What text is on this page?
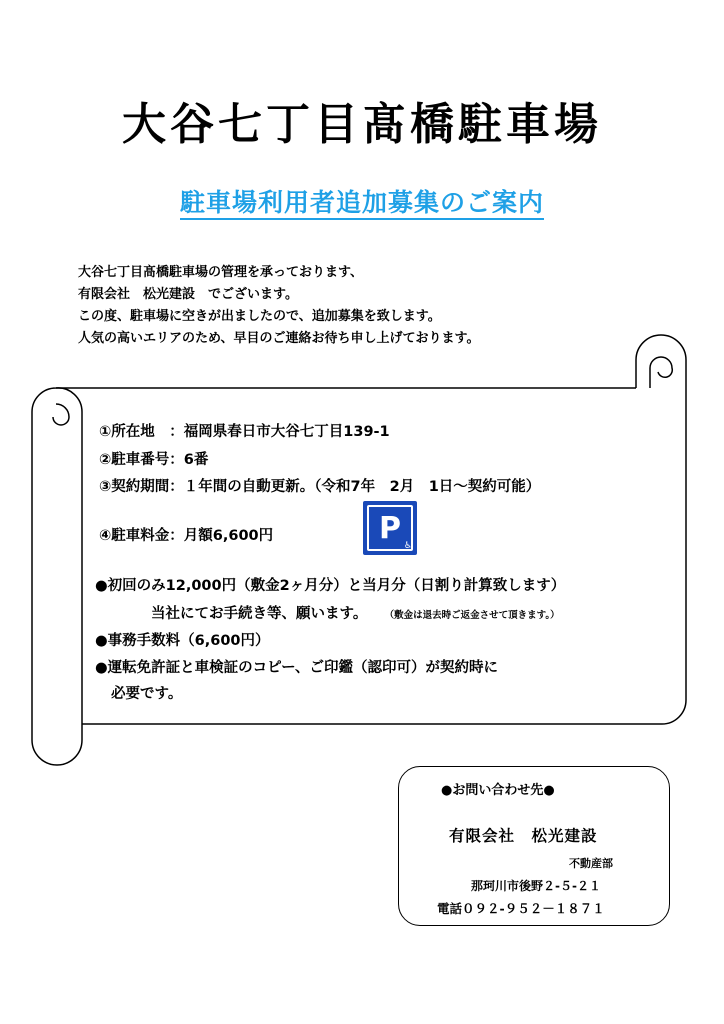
大谷七丁目髙橋駐車場
駐車場利用者追加募集のご案内
大谷七丁目髙橋駐車場の管理を承っております、
有限会社　松光建設　でございます。
この度、駐車場に空きが出ましたので、追加募集を致します。
人気の高いエリアのため、早目のご連絡お待ち申し上げております。
①所在地　：福岡県春日市大谷七丁目139-1
②駐車番号：6番
③契約期間：１年間の自動更新。（令和7年　2月　1日～契約可能）
④駐車料金：月額6,600円	P ♿
●初回のみ12,000円（敷金2ヶ月分）と当月分（日割り計算致します）
当社にてお手続き等、願います。 （敷金は退去時ご返金させて頂きます。）
●事務手数料（6,600円）
●運転免許証と車検証のコピー、ご印鑑（認印可）が契約時に
必要です。
●お問い合わせ先●
有限会社　松光建設
不動産部
那珂川市後野２-５-２１
電話０９２-９５２－１８７１
